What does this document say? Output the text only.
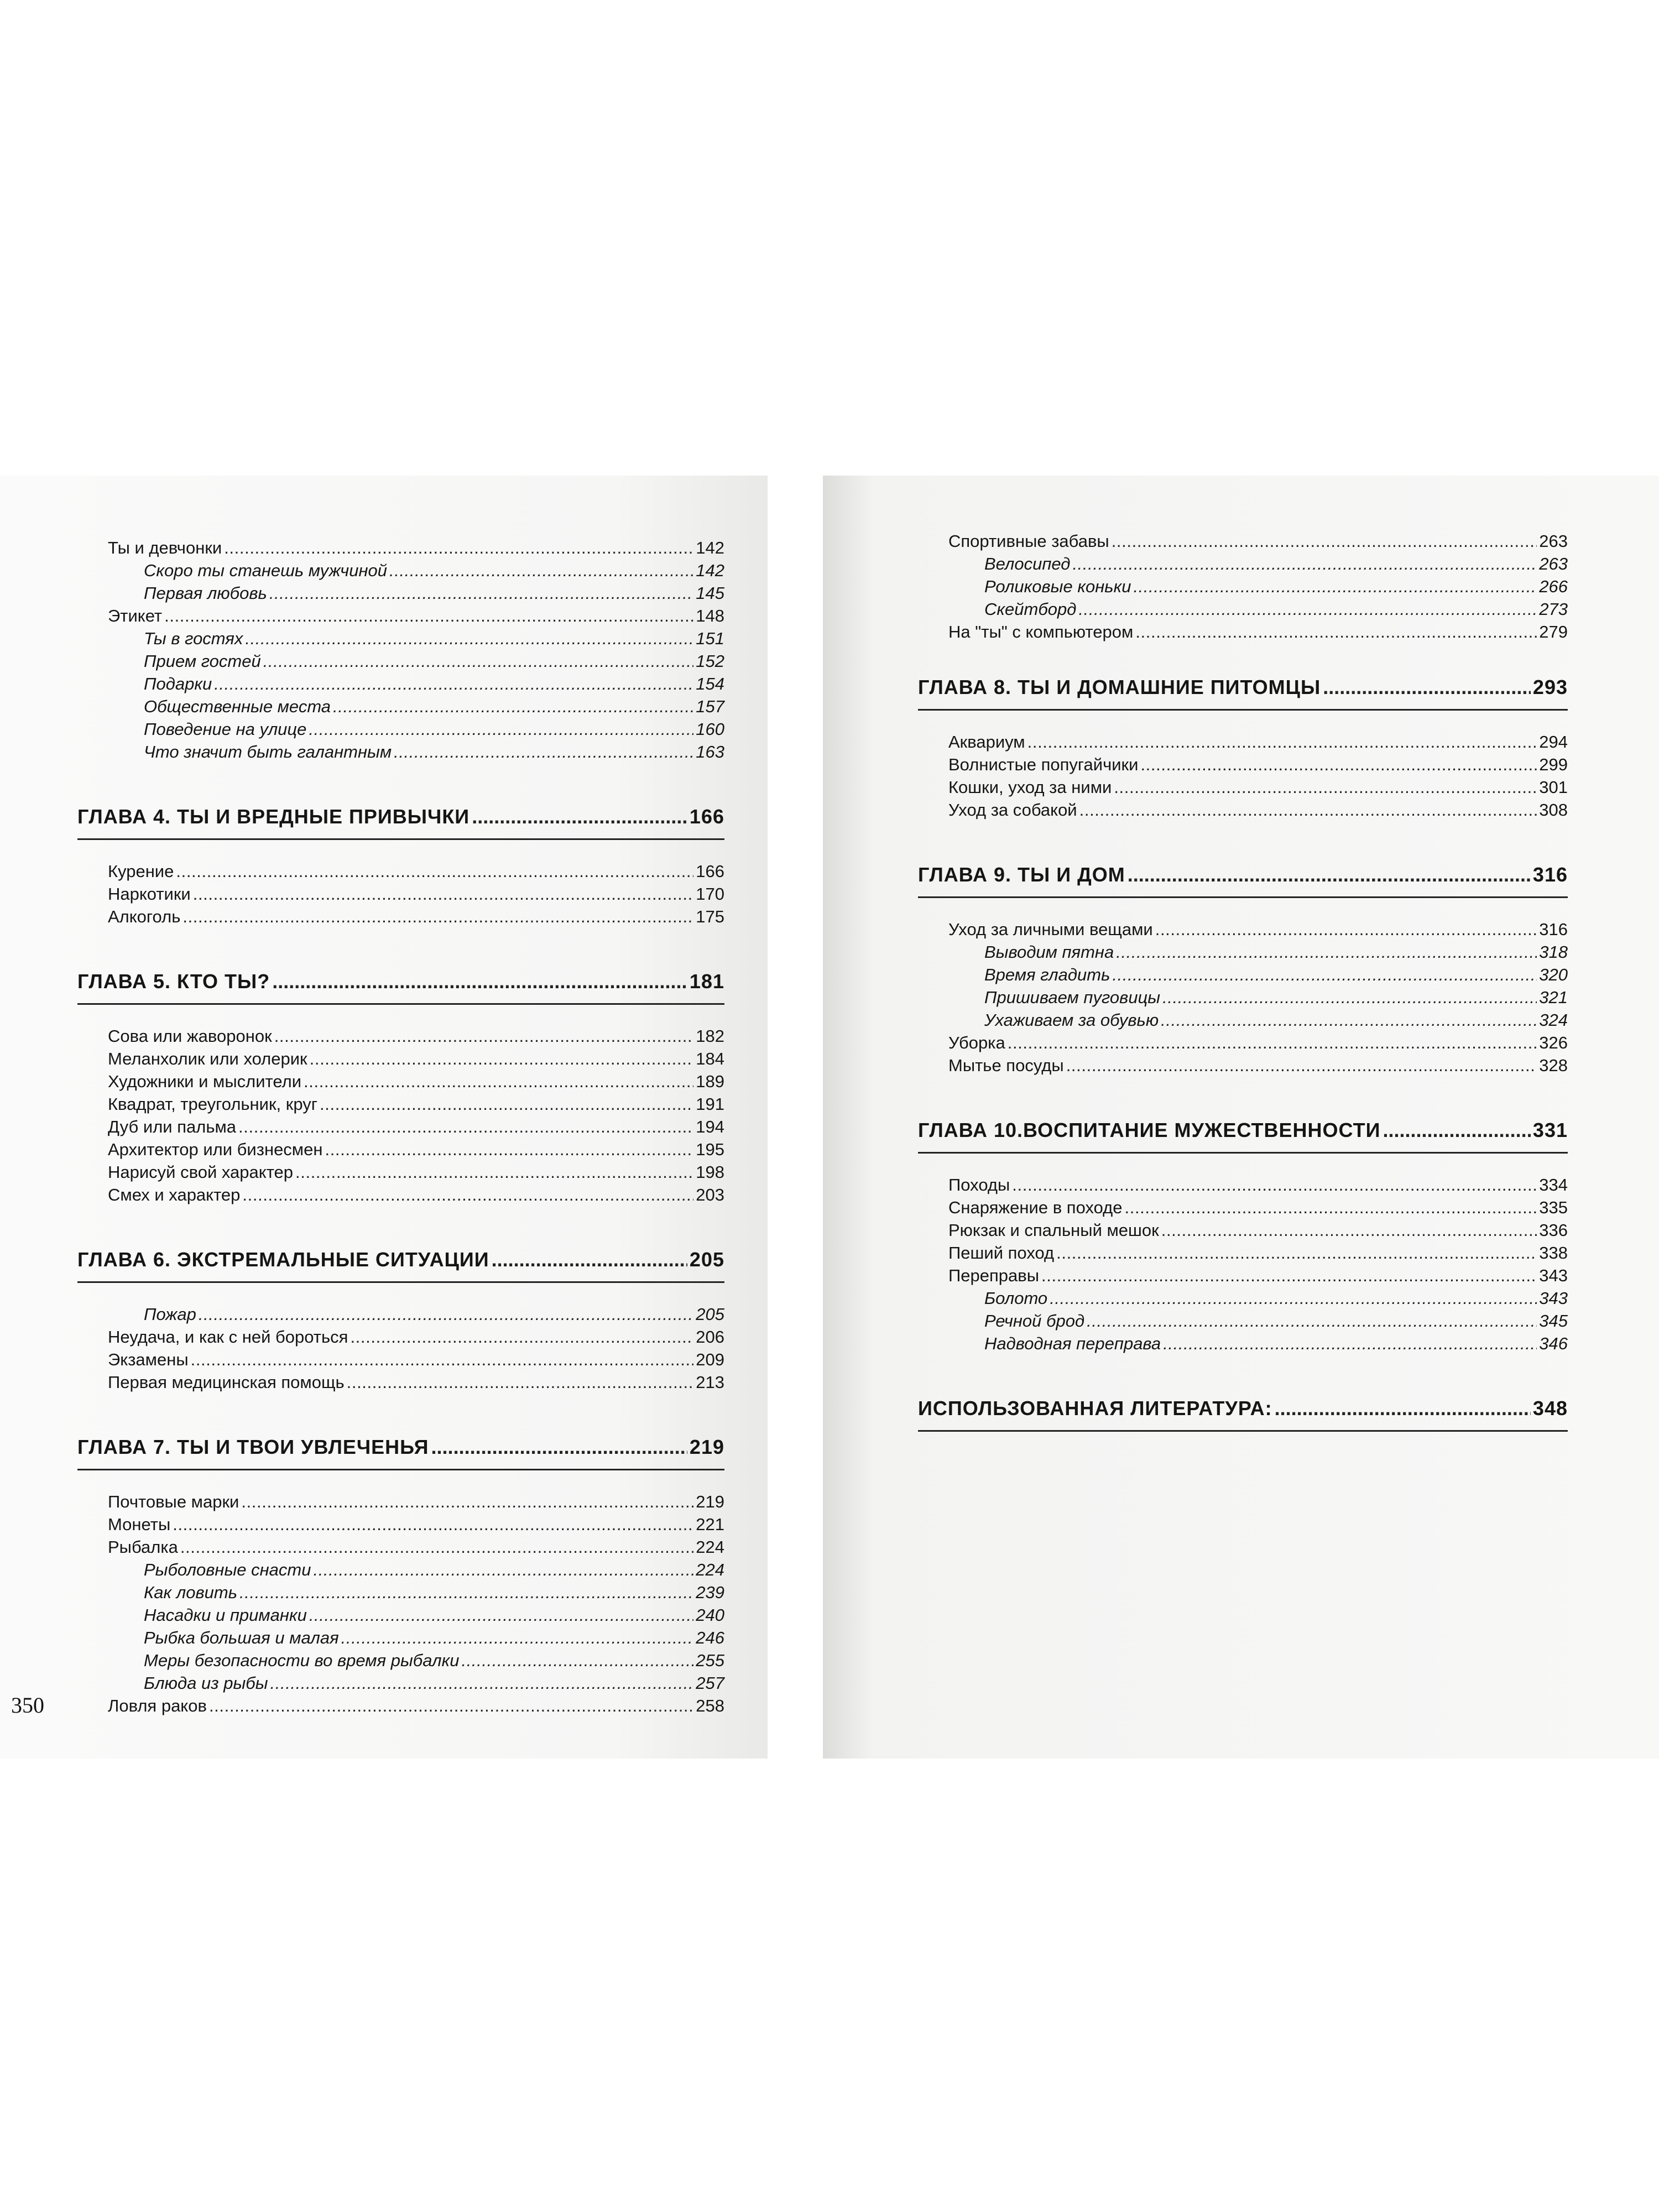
Ты и девчонки . . .	142
Скоро ты станешь мужчиной . . .	142
Первая любовь . . .	145
Этикет . . .	148
Ты в гостях . . .	151
Прием гостей . . .	152
Подарки . . .	154
Общественные места . . .	157
Поведение на улице . . .	160
Что значит быть галантным . . .	163
ГЛАВА 4. ТЫ И ВРЕДНЫЕ ПРИВЫЧКИ . . .	166
Курение . . .	166
Наркотики . . .	170
Алкоголь . . .	175
ГЛАВА 5. КТО ТЫ? . . .	181
Сова или жаворонок . . .	182
Меланхолик или холерик . . .	184
Художники и мыслители . . .	189
Квадрат, треугольник, круг . . .	191
Дуб или пальма . . .	194
Архитектор или бизнесмен . . .	195
Нарисуй свой характер . . .	198
Смех и характер . . .	203
ГЛАВА 6. ЭКСТРЕМАЛЬНЫЕ СИТУАЦИИ . . .	205
Пожар . . .	205
Неудача, и как с ней бороться . . .	206
Экзамены . . .	209
Первая медицинская помощь . . .	213
ГЛАВА 7. ТЫ И ТВОИ УВЛЕЧЕНЬЯ . . .	219
Почтовые марки . . .	219
Монеты . . .	221
Рыбалка . . .	224
Рыболовные снасти . . .	224
Как ловить . . .	239
Насадки и приманки . . .	240
Рыбка большая и малая . . .	246
Меры безопасности во время рыбалки . . .	255
Блюда из рыбы . . .	257
Ловля раков . . .	258
Спортивные забавы . . .	263
Велосипед . . .	263
Роликовые коньки . . .	266
Скейтборд . . .	273
На "ты" с компьютером . . .	279
ГЛАВА 8. ТЫ И ДОМАШНИЕ ПИТОМЦЫ . . .	293
Аквариум . . .	294
Волнистые попугайчики . . .	299
Кошки, уход за ними . . .	301
Уход за собакой . . .	308
ГЛАВА 9. ТЫ И ДОМ . . .	316
Уход за личными вещами . . .	316
Выводим пятна . . .	318
Время гладить . . .	320
Пришиваем пуговицы . . .	321
Ухаживаем за обувью . . .	324
Уборка . . .	326
Мытье посуды . . .	328
ГЛАВА 10.ВОСПИТАНИЕ МУЖЕСТВЕННОСТИ . . .	331
Походы . . .	334
Снаряжение в походе . . .	335
Рюкзак и спальный мешок . . .	336
Пеший поход . . .	338
Переправы . . .	343
Болото . . .	343
Речной брод . . .	345
Надводная переправа . . .	346
ИСПОЛЬЗОВАННАЯ ЛИТЕРАТУРА: . . .	348
350
